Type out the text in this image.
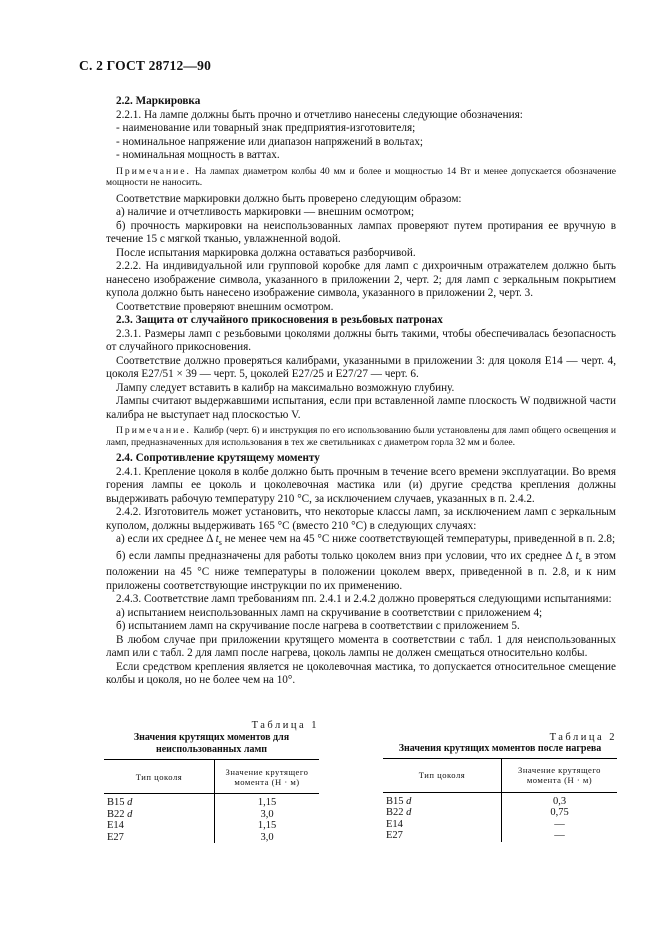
С. 2 ГОСТ 28712—90

2.2. Маркировка

2.2.1. На лампе должны быть прочно и отчетливо нанесены следующие обозначения:

- наименование или товарный знак предприятия-изготовителя;

- номинальное напряжение или диапазон напряжений в вольтах;

- номинальная мощность в ваттах.

Примечание. На лампах диаметром колбы 40 мм и более и мощностью 14 Вт и менее допускается обозначение мощности не наносить.

Соответствие маркировки должно быть проверено следующим образом:

а) наличие и отчетливость маркировки — внешним осмотром;

б) прочность маркировки на неиспользованных лампах проверяют путем протирания ее вручную в течение 15 с мягкой тканью, увлажненной водой.

После испытания маркировка должна оставаться разборчивой.

2.2.2. На индивидуальной или групповой коробке для ламп с дихроичным отражателем должно быть нанесено изображение символа, указанного в приложении 2, черт. 2; для ламп с зеркальным покрытием купола должно быть нанесено изображение символа, указанного в приложении 2, черт. 3.

Соответствие проверяют внешним осмотром.

2.3. Защита от случайного прикосновения в резьбовых патронах

2.3.1. Размеры ламп с резьбовыми цоколями должны быть такими, чтобы обеспечивалась безопасность от случайного прикосновения.

Соответствие должно проверяться калибрами, указанными в приложении 3: для цоколя Е14 — черт. 4, цоколя Е27/51 × 39 — черт. 5, цоколей Е27/25 и Е27/27 — черт. 6.

Лампу следует вставить в калибр на максимально возможную глубину.

Лампы считают выдержавшими испытания, если при вставленной лампе плоскость W подвижной части калибра не выступает над плоскостью V.

Примечание. Калибр (черт. 6) и инструкция по его использованию были установлены для ламп общего освещения и ламп, предназначенных для использования в тех же светильниках с диаметром горла 32 мм и более.

2.4. Сопротивление крутящему моменту

2.4.1. Крепление цоколя в колбе должно быть прочным в течение всего времени эксплуатации. Во время горения лампы ее цоколь и цоколевочная мастика или (и) другие средства крепления должны выдерживать рабочую температуру 210 °С, за исключением случаев, указанных в п. 2.4.2.

2.4.2. Изготовитель может установить, что некоторые классы ламп, за исключением ламп с зеркальным куполом, должны выдерживать 165 °С (вместо 210 °С) в следующих случаях:

а) если их среднее Δ $t_s$ не менее чем на 45 °С ниже соответствующей температуры, приведенной в п. 2.8;

б) если лампы предназначены для работы только цоколем вниз при условии, что их среднее Δ $t_s$ в этом положении на 45 °С ниже температуры в положении цоколем вверх, приведенной в п. 2.8, и к ним приложены соответствующие инструкции по их применению.

2.4.3. Соответствие ламп требованиям пп. 2.4.1 и 2.4.2 должно проверяться следующими испытаниями:

а) испытанием неиспользованных ламп на скручивание в соответствии с приложением 4;

б) испытанием ламп на скручивание после нагрева в соответствии с приложением 5.

В любом случае при приложении крутящего момента в соответствии с табл. 1 для неиспользованных ламп или с табл. 2 для ламп после нагрева, цоколь лампы не должен смещаться относительно колбы.

Если средством крепления является не цоколевочная мастика, то допускается относительное смещение колбы и цоколя, но не более чем на 10°.

Таблица 1
Значения крутящих моментов для неиспользованных ламп
Тип цоколя	Значение крутящего момента (Н · м)
В15 d	1,15
В22 d	3,0
Е14	1,15
Е27	3,0
Таблица 2
Значения крутящих моментов после нагрева
Тип цоколя	Значение крутящего момента (Н · м)
В15 d	0,3
В22 d	0,75
Е14	—
Е27	—
